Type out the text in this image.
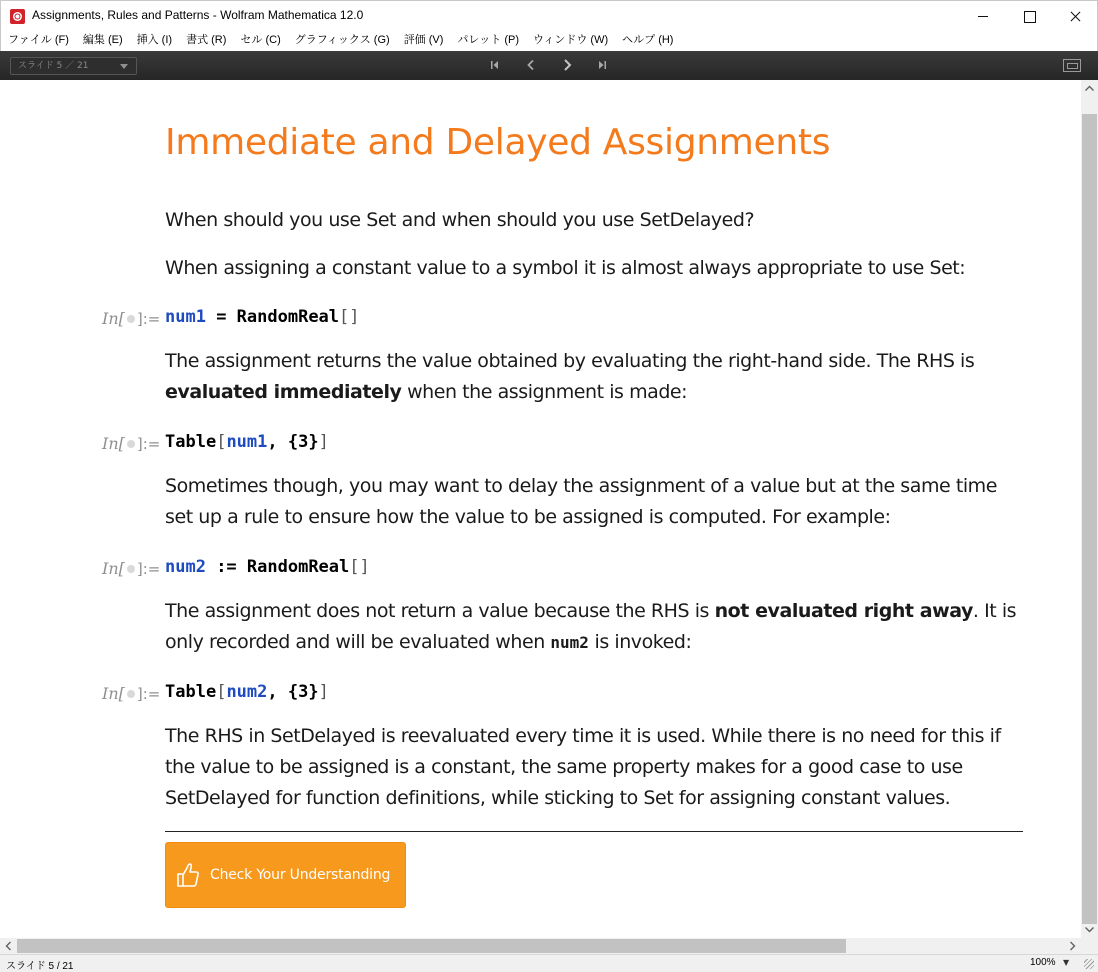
Assignments, Rules and Patterns - Wolfram Mathematica 12.0
ファイル (F) 編集 (E) 挿入 (I) 書式 (R) セル (C) グラフィックス (G) 評価 (V) パレット (P) ウィンドウ (W) ヘルプ (H)
スライド 5 ／ 21
Immediate and Delayed Assignments

When should you use Set and when should you use SetDelayed?

When assigning a constant value to a symbol it is almost always appropriate to use Set:

In[ ]:= num1 = RandomReal[]

The assignment returns the value obtained by evaluating the right-hand side. The RHS is evaluated immediately when the assignment is made:

In[ ]:= Table[num1, {3}]

Sometimes though, you may want to delay the assignment of a value but at the same time set up a rule to ensure how the value to be assigned is computed. For example:

In[ ]:= num2 := RandomReal[]

The assignment does not return a value because the RHS is not evaluated right away. It is only recorded and will be evaluated when num2 is invoked:

In[ ]:= Table[num2, {3}]

The RHS in SetDelayed is reevaluated every time it is used. While there is no need for this if the value to be assigned is a constant, the same property makes for a good case to use SetDelayed for function definitions, while sticking to Set for assigning constant values.

Check Your Understanding
スライド 5 / 21	100% ▼
